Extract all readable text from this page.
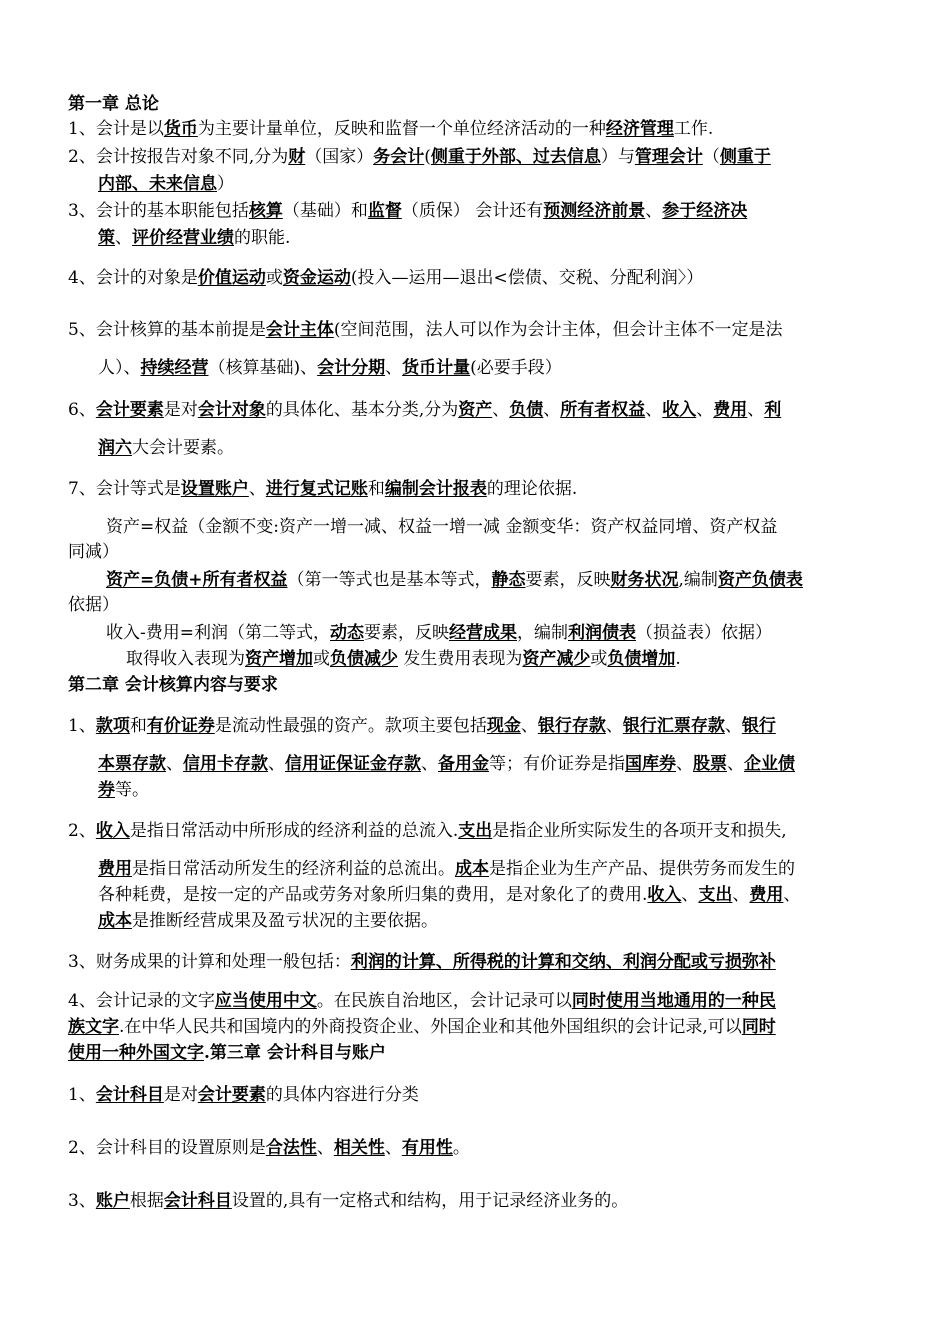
第一章 总论
1、会计是以货币为主要计量单位，反映和监督一个单位经济活动的一种经济管理工作.
2、会计按报告对象不同,分为财（国家）务会计(侧重于外部、过去信息）与管理会计（侧重于
内部、未来信息）
3、会计的基本职能包括核算（基础）和监督（质保） 会计还有预测经济前景、参于经济决
策、评价经营业绩的职能.
4、会计的对象是价值运动或资金运动(投入—运用—退出<偿债、交税、分配利润〉）
5、会计核算的基本前提是会计主体(空间范围，法人可以作为会计主体，但会计主体不一定是法
人）、持续经营（核算基础)、会计分期、货币计量(必要手段）
6、会计要素是对会计对象的具体化、基本分类,分为资产、负债、所有者权益、收入、费用、利
润六大会计要素。
7、会计等式是设置账户、进行复式记账和编制会计报表的理论依据.
资产=权益（金额不变:资产一增一减、权益一增一减 金额变华：资产权益同增、资产权益
同减）
资产=负债+所有者权益（第一等式也是基本等式，静态要素，反映财务状况,编制资产负债表
依据）
收入-费用=利润（第二等式，动态要素，反映经营成果，编制利润债表（损益表）依据）
取得收入表现为资产增加或负债减少 发生费用表现为资产减少或负债增加.
第二章 会计核算内容与要求
1、款项和有价证券是流动性最强的资产。款项主要包括现金、银行存款、银行汇票存款、银行
本票存款、信用卡存款、信用证保证金存款、备用金等；有价证券是指国库券、股票、企业债
券等。
2、收入是指日常活动中所形成的经济利益的总流入.支出是指企业所实际发生的各项开支和损失,
费用是指日常活动所发生的经济利益的总流出。成本是指企业为生产产品、提供劳务而发生的
各种耗费，是按一定的产品或劳务对象所归集的费用，是对象化了的费用.收入、支出、费用、
成本是推断经营成果及盈亏状况的主要依据。
3、财务成果的计算和处理一般包括：利润的计算、所得税的计算和交纳、利润分配或亏损弥补
4、会计记录的文字应当使用中文。在民族自治地区，会计记录可以同时使用当地通用的一种民
族文字.在中华人民共和国境内的外商投资企业、外国企业和其他外国组织的会计记录,可以同时
使用一种外国文字.第三章 会计科目与账户
1、会计科目是对会计要素的具体内容进行分类
2、会计科目的设置原则是合法性、相关性、有用性。
3、账户根据会计科目设置的,具有一定格式和结构，用于记录经济业务的。
